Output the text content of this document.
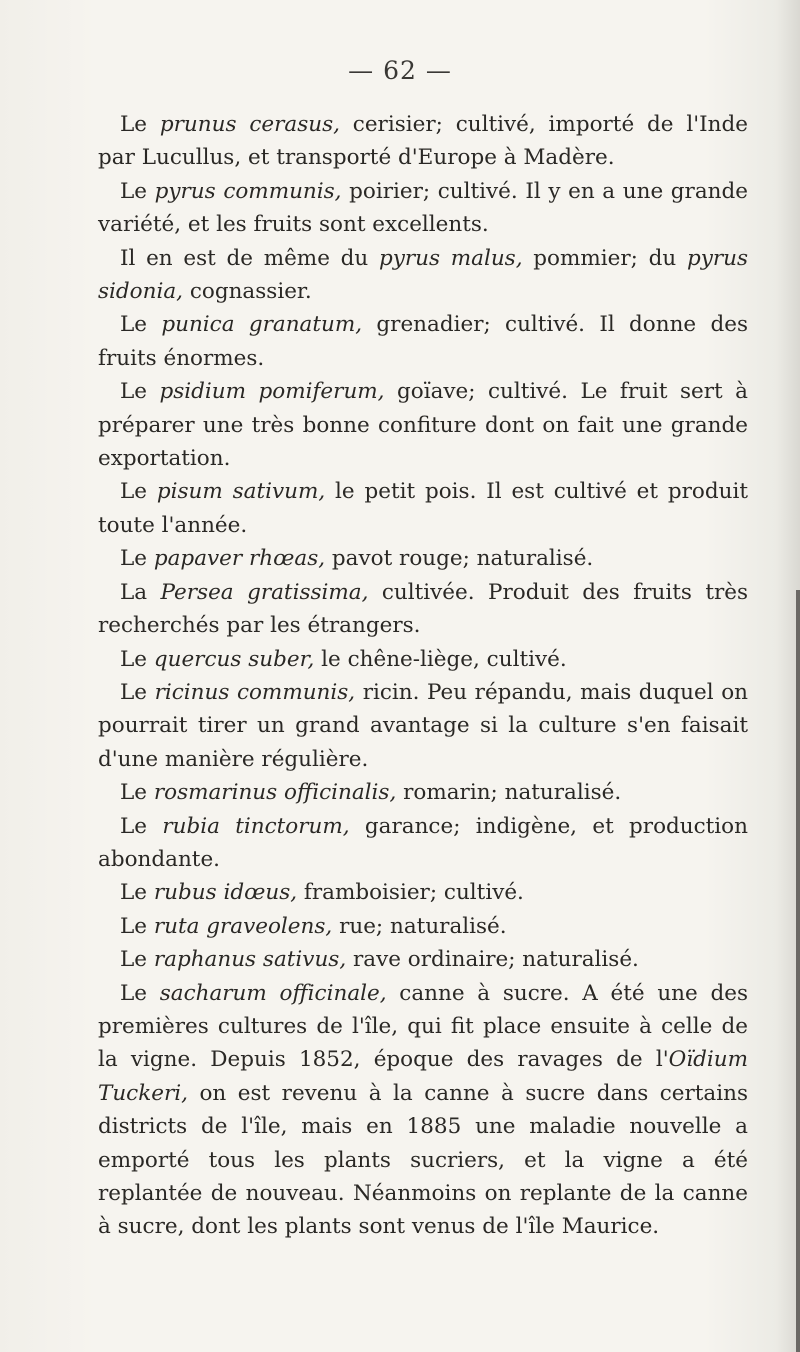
— 62 —

Le prunus cerasus, cerisier; cultivé, importé de l'Inde par Lucullus, et transporté d'Europe à Madère.

Le pyrus communis, poirier; cultivé. Il y en a une grande variété, et les fruits sont excellents.

Il en est de même du pyrus malus, pommier; du pyrus sidonia, cognassier.

Le punica granatum, grenadier; cultivé. Il donne des fruits énormes.

Le psidium pomiferum, goïave; cultivé. Le fruit sert à préparer une très bonne confiture dont on fait une grande exportation.

Le pisum sativum, le petit pois. Il est cultivé et produit toute l'année.

Le papaver rhœas, pavot rouge; naturalisé.

La Persea gratissima, cultivée. Produit des fruits très recherchés par les étrangers.

Le quercus suber, le chêne-liège, cultivé.

Le ricinus communis, ricin. Peu répandu, mais duquel on pourrait tirer un grand avantage si la culture s'en faisait d'une manière régulière.

Le rosmarinus officinalis, romarin; naturalisé.

Le rubia tinctorum, garance; indigène, et production abondante.

Le rubus idœus, framboisier; cultivé.

Le ruta graveolens, rue; naturalisé.

Le raphanus sativus, rave ordinaire; naturalisé.

Le sacharum officinale, canne à sucre. A été une des premières cultures de l'île, qui fit place ensuite à celle de la vigne. Depuis 1852, époque des ravages de l'Oïdium Tuckeri, on est revenu à la canne à sucre dans certains districts de l'île, mais en 1885 une maladie nouvelle a emporté tous les plants sucriers, et la vigne a été replantée de nouveau. Néanmoins on replante de la canne à sucre, dont les plants sont venus de l'île Maurice.
